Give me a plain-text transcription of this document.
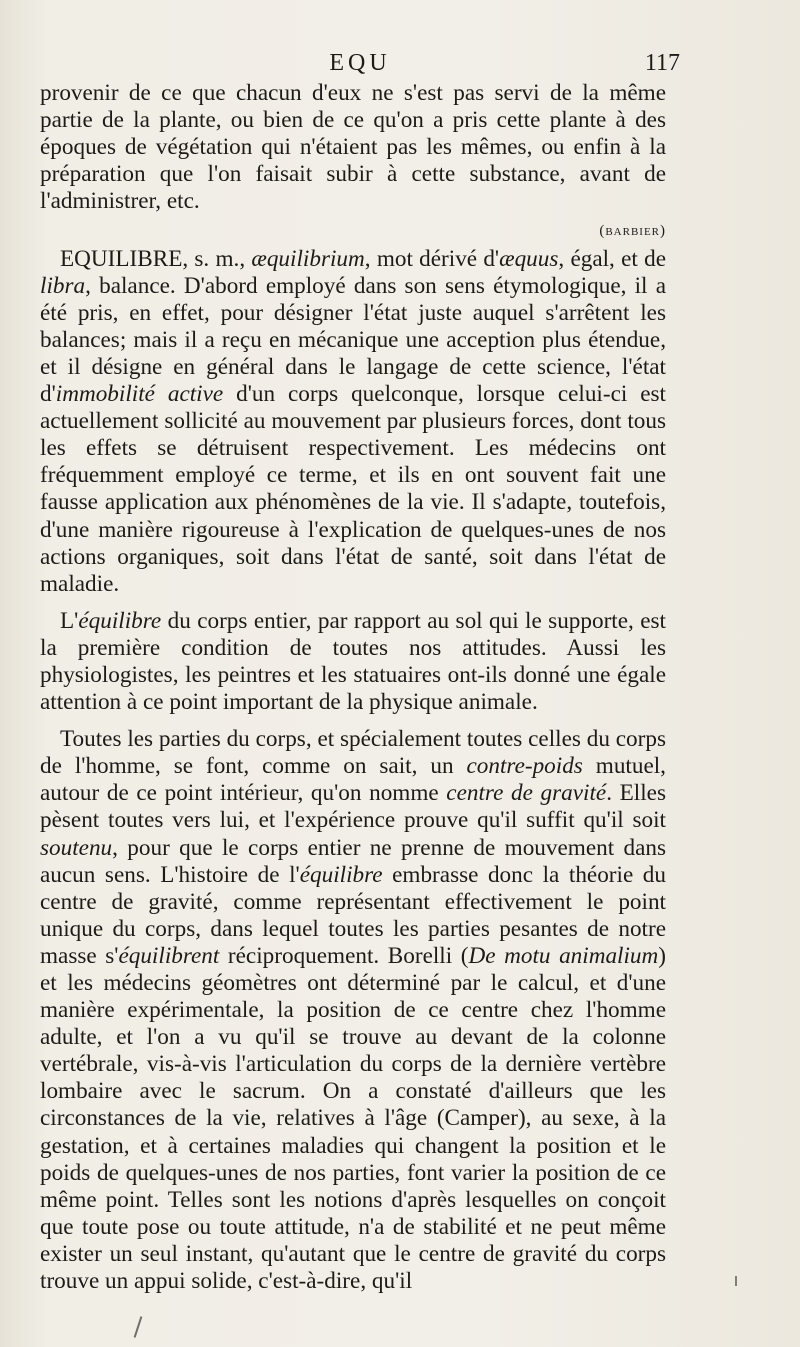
EQU	117

provenir de ce que chacun d'eux ne s'est pas servi de la même partie de la plante, ou bien de ce qu'on a pris cette plante à des époques de végétation qui n'étaient pas les mêmes, ou enfin à la préparation que l'on faisait subir à cette substance, avant de l'administrer, etc.

(barbier)

EQUILIBRE, s. m., æquilibrium, mot dérivé d'æquus, égal, et de libra, balance. D'abord employé dans son sens étymologique, il a été pris, en effet, pour désigner l'état juste auquel s'arrêtent les balances; mais il a reçu en mécanique une acception plus étendue, et il désigne en général dans le langage de cette science, l'état d'immobilité active d'un corps quelconque, lorsque celui-ci est actuellement sollicité au mouvement par plusieurs forces, dont tous les effets se détruisent respectivement. Les médecins ont fréquemment employé ce terme, et ils en ont souvent fait une fausse application aux phénomènes de la vie. Il s'adapte, toutefois, d'une manière rigoureuse à l'explication de quelques-unes de nos actions organiques, soit dans l'état de santé, soit dans l'état de maladie.

L'équilibre du corps entier, par rapport au sol qui le supporte, est la première condition de toutes nos attitudes. Aussi les physiologistes, les peintres et les statuaires ont-ils donné une égale attention à ce point important de la physique animale.

Toutes les parties du corps, et spécialement toutes celles du corps de l'homme, se font, comme on sait, un contre-poids mutuel, autour de ce point intérieur, qu'on nomme centre de gravité. Elles pèsent toutes vers lui, et l'expérience prouve qu'il suffit qu'il soit soutenu, pour que le corps entier ne prenne de mouvement dans aucun sens. L'histoire de l'équilibre embrasse donc la théorie du centre de gravité, comme représentant effectivement le point unique du corps, dans lequel toutes les parties pesantes de notre masse s'équilibrent réciproquement. Borelli (De motu animalium) et les médecins géomètres ont déterminé par le calcul, et d'une manière expérimentale, la position de ce centre chez l'homme adulte, et l'on a vu qu'il se trouve au devant de la colonne vertébrale, vis-à-vis l'articulation du corps de la dernière vertèbre lombaire avec le sacrum. On a constaté d'ailleurs que les circonstances de la vie, relatives à l'âge (Camper), au sexe, à la gestation, et à certaines maladies qui changent la position et le poids de quelques-unes de nos parties, font varier la position de ce même point. Telles sont les notions d'après lesquelles on conçoit que toute pose ou toute attitude, n'a de stabilité et ne peut même exister un seul instant, qu'autant que le centre de gravité du corps trouve un appui solide, c'est-à-dire, qu'il
